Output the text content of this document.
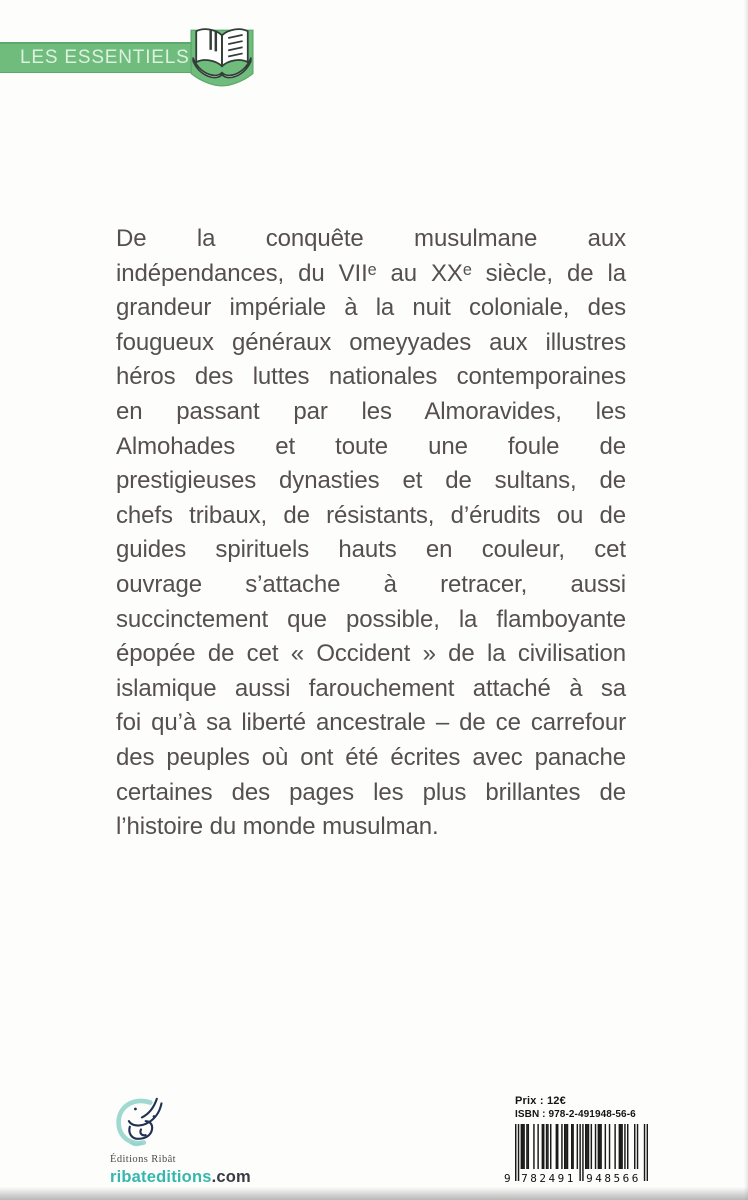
LES ESSENTIELS
De la conquête musulmane aux
indépendances, du VIIᵉ au XXᵉ siècle, de la
grandeur impériale à la nuit coloniale, des
fougueux généraux omeyyades aux illustres
héros des luttes nationales contemporaines
en passant par les Almoravides, les
Almohades et toute une foule de
prestigieuses dynasties et de sultans, de
chefs tribaux, de résistants, d’érudits ou de
guides spirituels hauts en couleur, cet
ouvrage s’attache à retracer, aussi
succinctement que possible, la flamboyante
épopée de cet « Occident » de la civilisation
islamique aussi farouchement attaché à sa
foi qu’à sa liberté ancestrale – de ce carrefour
des peuples où ont été écrites avec panache
certaines des pages les plus brillantes de
l’histoire du monde musulman.
Éditions Ribât
ribateditions.com
Prix : 12€
ISBN : 978-2-491948-56-6
9 782491 948566
